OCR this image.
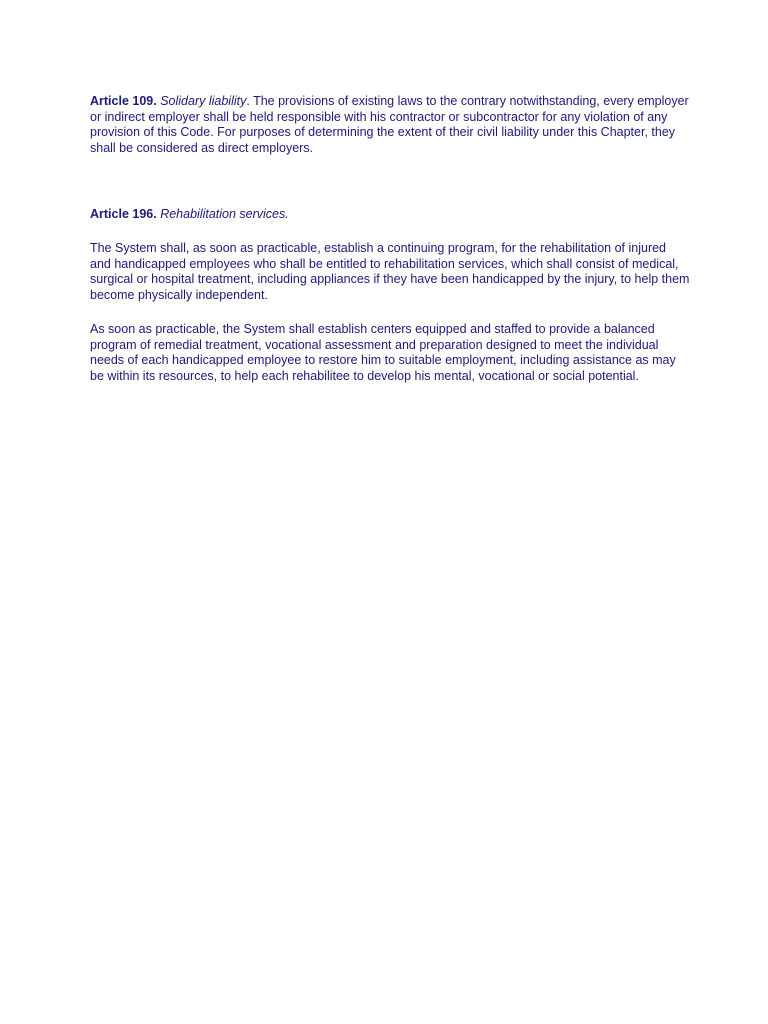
Article 109. Solidary liability. The provisions of existing laws to the contrary notwithstanding, every employer or indirect employer shall be held responsible with his contractor or subcontractor for any violation of any provision of this Code. For purposes of determining the extent of their civil liability under this Chapter, they shall be considered as direct employers.

Article 196. Rehabilitation services.

The System shall, as soon as practicable, establish a continuing program, for the rehabilitation of injured and handicapped employees who shall be entitled to rehabilitation services, which shall consist of medical, surgical or hospital treatment, including appliances if they have been handicapped by the injury, to help them become physically independent.

As soon as practicable, the System shall establish centers equipped and staffed to provide a balanced program of remedial treatment, vocational assessment and preparation designed to meet the individual needs of each handicapped employee to restore him to suitable employment, including assistance as may be within its resources, to help each rehabilitee to develop his mental, vocational or social potential.
